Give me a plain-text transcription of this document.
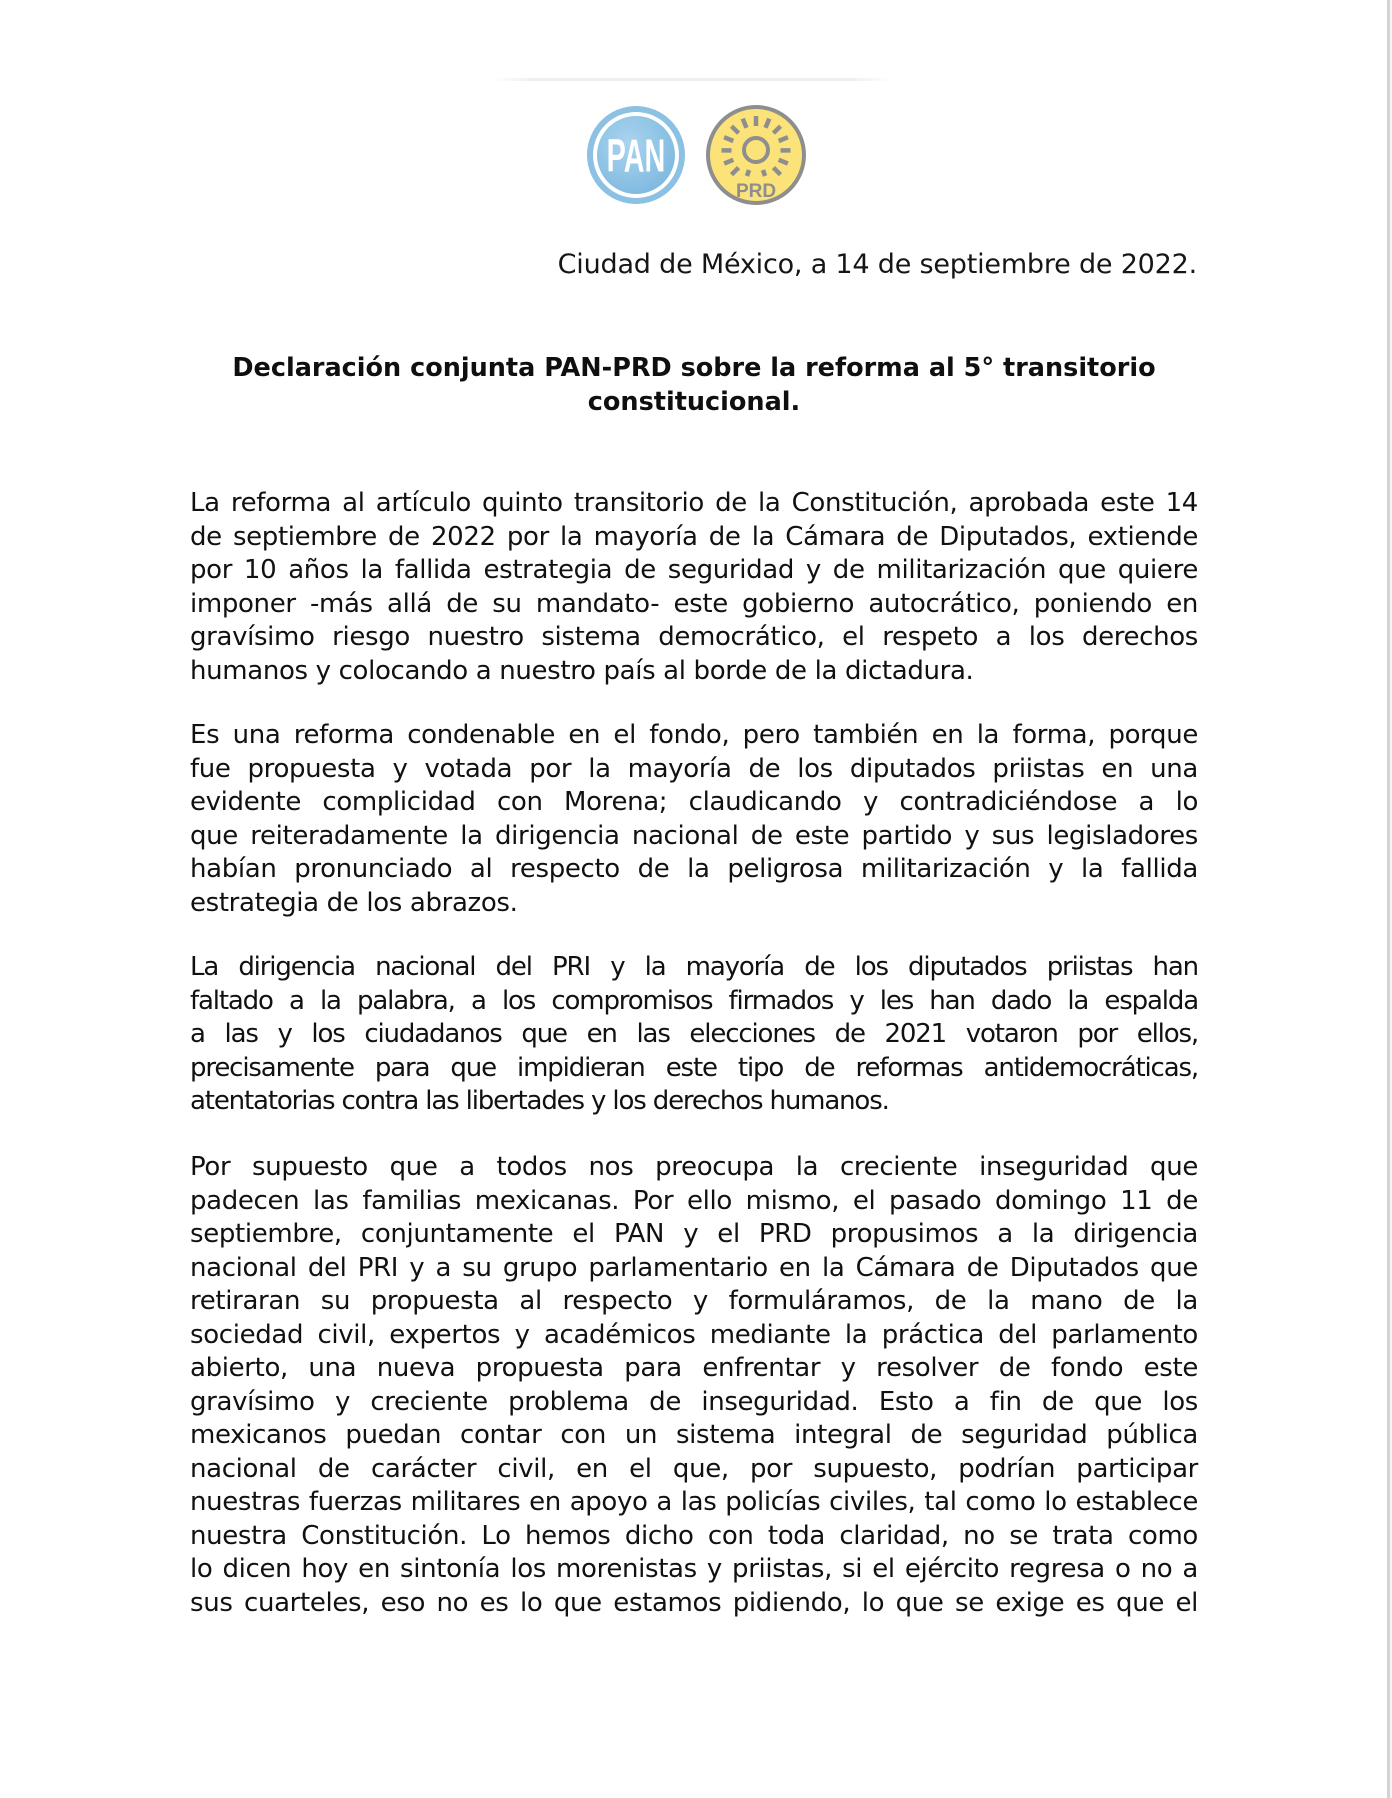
PAN
PRD
Ciudad de México, a 14 de septiembre de 2022.
Declaración conjunta PAN-PRD sobre la reforma al 5° transitorio
constitucional.
La reforma al artículo quinto transitorio de la Constitución, aprobada este 14
de septiembre de 2022 por la mayoría de la Cámara de Diputados, extiende
por 10 años la fallida estrategia de seguridad y de militarización que quiere
imponer -más allá de su mandato- este gobierno autocrático, poniendo en
gravísimo riesgo nuestro sistema democrático, el respeto a los derechos
humanos y colocando a nuestro país al borde de la dictadura.
Es una reforma condenable en el fondo, pero también en la forma, porque
fue propuesta y votada por la mayoría de los diputados priistas en una
evidente complicidad con Morena; claudicando y contradiciéndose a lo
que reiteradamente la dirigencia nacional de este partido y sus legisladores
habían pronunciado al respecto de la peligrosa militarización y la fallida
estrategia de los abrazos.
La dirigencia nacional del PRI y la mayoría de los diputados priistas han
faltado a la palabra, a los compromisos firmados y les han dado la espalda
a las y los ciudadanos que en las elecciones de 2021 votaron por ellos,
precisamente para que impidieran este tipo de reformas antidemocráticas,
atentatorias contra las libertades y los derechos humanos.
Por supuesto que a todos nos preocupa la creciente inseguridad que
padecen las familias mexicanas. Por ello mismo, el pasado domingo 11 de
septiembre, conjuntamente el PAN y el PRD propusimos a la dirigencia
nacional del PRI y a su grupo parlamentario en la Cámara de Diputados que
retiraran su propuesta al respecto y formuláramos, de la mano de la
sociedad civil, expertos y académicos mediante la práctica del parlamento
abierto, una nueva propuesta para enfrentar y resolver de fondo este
gravísimo y creciente problema de inseguridad. Esto a fin de que los
mexicanos puedan contar con un sistema integral de seguridad pública
nacional de carácter civil, en el que, por supuesto, podrían participar
nuestras fuerzas militares en apoyo a las policías civiles, tal como lo establece
nuestra Constitución. Lo hemos dicho con toda claridad, no se trata como
lo dicen hoy en sintonía los morenistas y priistas, si el ejército regresa o no a
sus cuarteles, eso no es lo que estamos pidiendo, lo que se exige es que el
